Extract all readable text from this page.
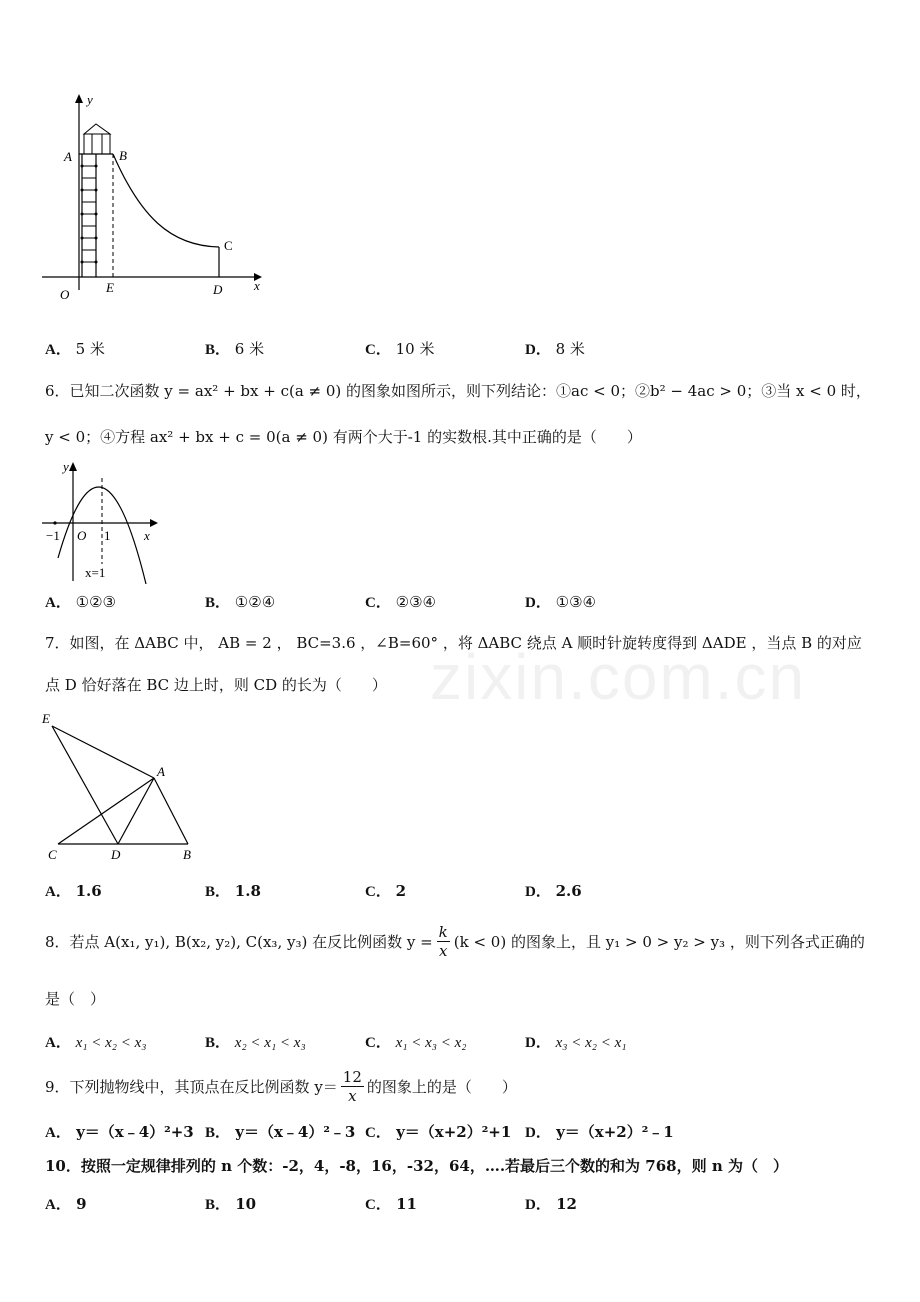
zixin.com.cn
y
A	B
C
O	E	D x
A． 5 米	B． 6 米	C． 10 米	D． 8 米
6．已知二次函数 y = ax² + bx + c(a ≠ 0) 的图象如图所示，则下列结论：①ac < 0；②b² − 4ac > 0；③当 x < 0 时，
y < 0；④方程 ax² + bx + c = 0(a ≠ 0) 有两个大于-1 的实数根.其中正确的是（　　）
y
−1 O 1	x
x=1
A． ①②③	B． ①②④	C． ②③④	D． ①③④
7．如图，在 ΔABC 中， AB = 2 ， BC=3.6 ，∠B=60° ，将 ΔABC 绕点 A 顺时针旋转度得到 ΔADE ，当点 B 的对应
点 D 恰好落在 BC 边上时，则 CD 的长为（　　）
E
A
C	D	B
A． 1.6	B． 1.8	C． 2	D． 2.6
8．若点 A(x₁, y₁), B(x₂, y₂), C(x₃, y₃) 在反比例函数 $y = \frac{k}{x} (k < 0)$ 的图象上，且 y₁ > 0 > y₂ > y₃ ，则下列各式正确的
是（　）
A． x₁ < x₂ < x₃	B． x₂ < x₁ < x₃	C． x₁ < x₃ < x₂	D． x₃ < x₂ < x₁
9．下列抛物线中，其顶点在反比例函数 y＝
12
x
的图象上的是（　　）
A． y＝（x﹣4）²+3 B． y＝（x﹣4）²﹣3 C． y＝（x+2）²+1 D． y＝（x+2）²﹣1
10．按照一定规律排列的 n 个数：-2，4，-8，16，-32，64，….若最后三个数的和为 768，则 n 为（　）
A． 9	B． 10	C． 11	D． 12
